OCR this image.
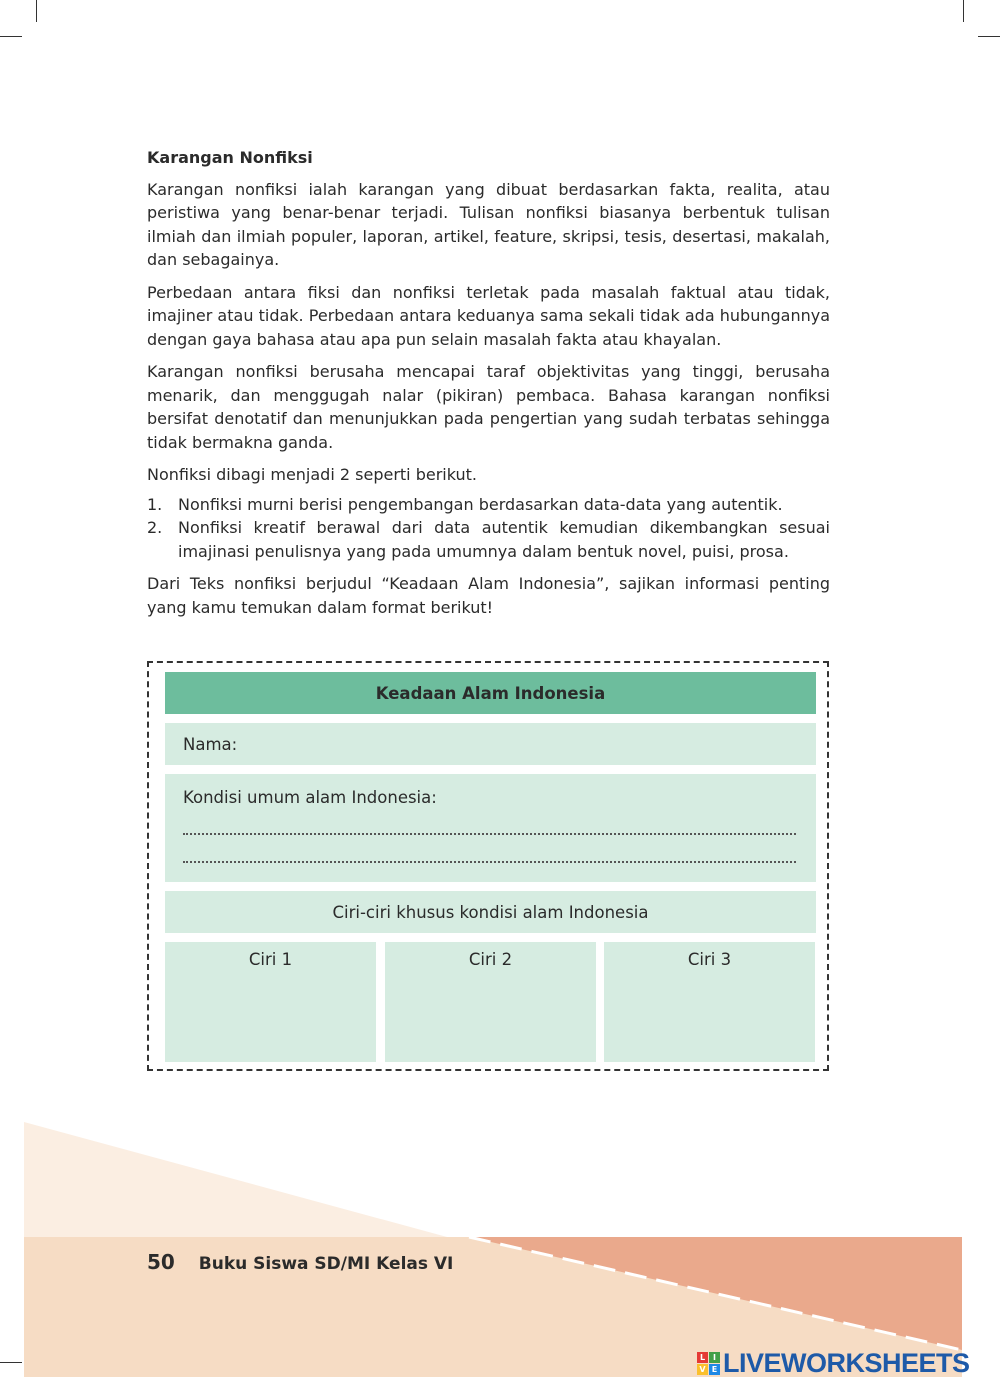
Karangan Nonfiksi

Karangan nonfiksi ialah karangan yang dibuat berdasarkan fakta, realita, atau peristiwa yang benar-benar terjadi. Tulisan nonfiksi biasanya berbentuk tulisan ilmiah dan ilmiah populer, laporan, artikel, feature, skripsi, tesis, desertasi, makalah, dan sebagainya.

Perbedaan antara fiksi dan nonfiksi terletak pada masalah faktual atau tidak, imajiner atau tidak. Perbedaan antara keduanya sama sekali tidak ada hubungannya dengan gaya bahasa atau apa pun selain masalah fakta atau khayalan.

Karangan nonfiksi berusaha mencapai taraf objektivitas yang tinggi, berusaha menarik, dan menggugah nalar (pikiran) pembaca. Bahasa karangan nonfiksi bersifat denotatif dan menunjukkan pada pengertian yang sudah terbatas sehingga tidak bermakna ganda.

Nonfiksi dibagi menjadi 2 seperti berikut.

1. Nonfiksi murni berisi pengembangan berdasarkan data-data yang autentik.
2. Nonfiksi kreatif berawal dari data autentik kemudian dikembangkan sesuai imajinasi penulisnya yang pada umumnya dalam bentuk novel, puisi, prosa.

Dari Teks nonfiksi berjudul “Keadaan Alam Indonesia”, sajikan informasi penting yang kamu temukan dalam format berikut!

Keadaan Alam Indonesia
Nama:
Kondisi umum alam Indonesia:
Ciri-ciri khusus kondisi alam Indonesia
Ciri 1	Ciri 2	Ciri 3
50 Buku Siswa SD/MI Kelas VI
L I
V E LIVEWORKSHEETS
